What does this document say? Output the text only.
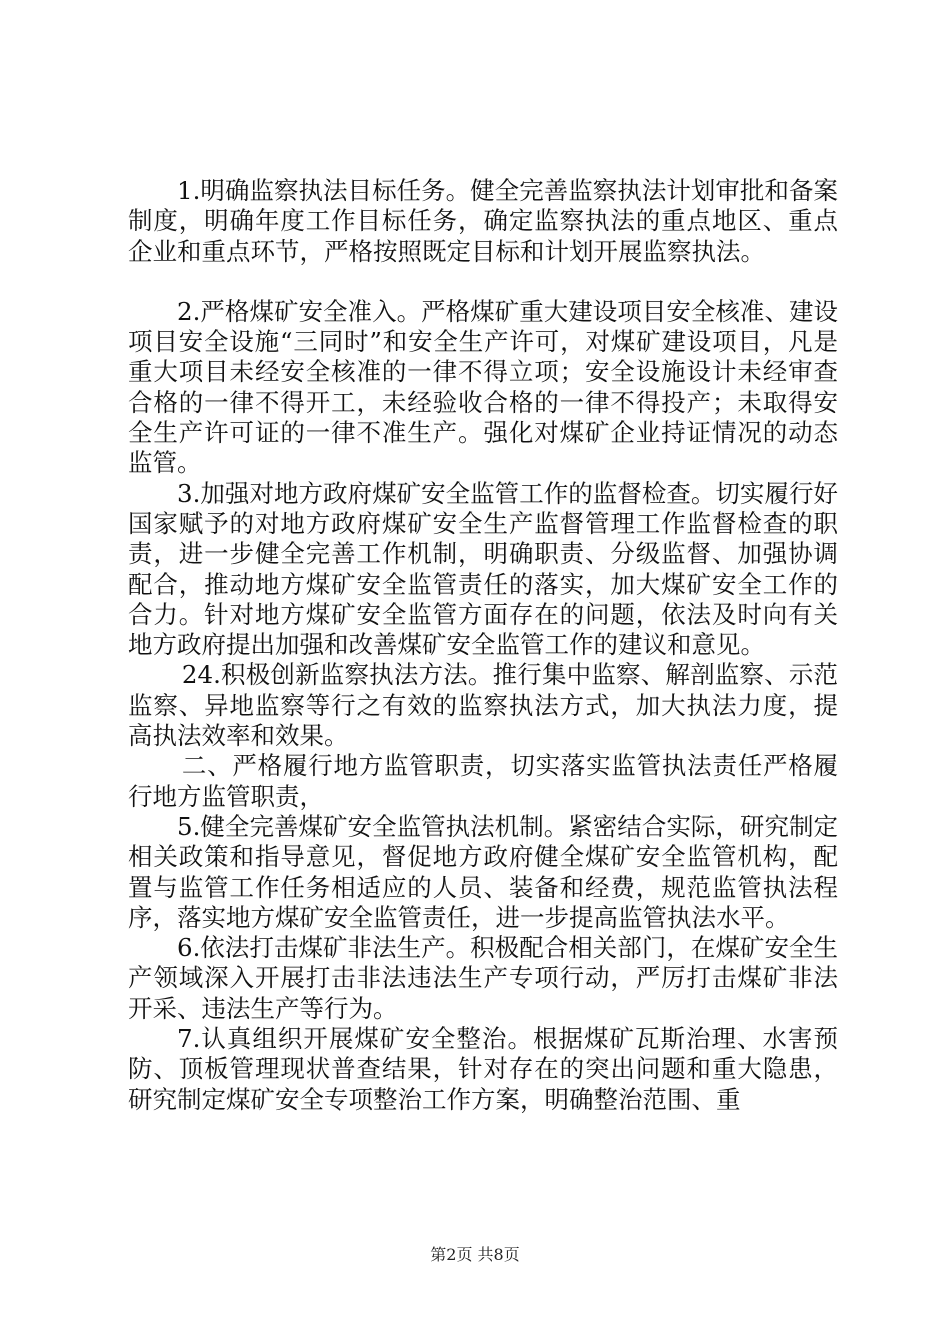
1.明确监察执法目标任务。健全完善监察执法计划审批和备案制度，明确年度工作目标任务，确定监察执法的重点地区、重点企业和重点环节，严格按照既定目标和计划开展监察执法。

2.严格煤矿安全准入。严格煤矿重大建设项目安全核准、建设项目安全设施“三同时”和安全生产许可，对煤矿建设项目，凡是重大项目未经安全核准的一律不得立项；安全设施设计未经审查合格的一律不得开工，未经验收合格的一律不得投产；未取得安全生产许可证的一律不准生产。强化对煤矿企业持证情况的动态监管。

3.加强对地方政府煤矿安全监管工作的监督检查。切实履行好国家赋予的对地方政府煤矿安全生产监督管理工作监督检查的职责，进一步健全完善工作机制，明确职责、分级监督、加强协调配合，推动地方煤矿安全监管责任的落实，加大煤矿安全工作的合力。针对地方煤矿安全监管方面存在的问题，依法及时向有关地方政府提出加强和改善煤矿安全监管工作的建议和意见。

24.积极创新监察执法方法。推行集中监察、解剖监察、示范监察、异地监察等行之有效的监察执法方式，加大执法力度，提高执法效率和效果。

二、严格履行地方监管职责，切实落实监管执法责任严格履行地方监管职责，

5.健全完善煤矿安全监管执法机制。紧密结合实际，研究制定相关政策和指导意见，督促地方政府健全煤矿安全监管机构，配置与监管工作任务相适应的人员、装备和经费，规范监管执法程序，落实地方煤矿安全监管责任，进一步提高监管执法水平。

6.依法打击煤矿非法生产。积极配合相关部门，在煤矿安全生产领域深入开展打击非法违法生产专项行动，严厉打击煤矿非法开采、违法生产等行为。

7.认真组织开展煤矿安全整治。根据煤矿瓦斯治理、水害预防、顶板管理现状普查结果，针对存在的突出问题和重大隐患，研究制定煤矿安全专项整治工作方案，明确整治范围、重

第2页 共8页
